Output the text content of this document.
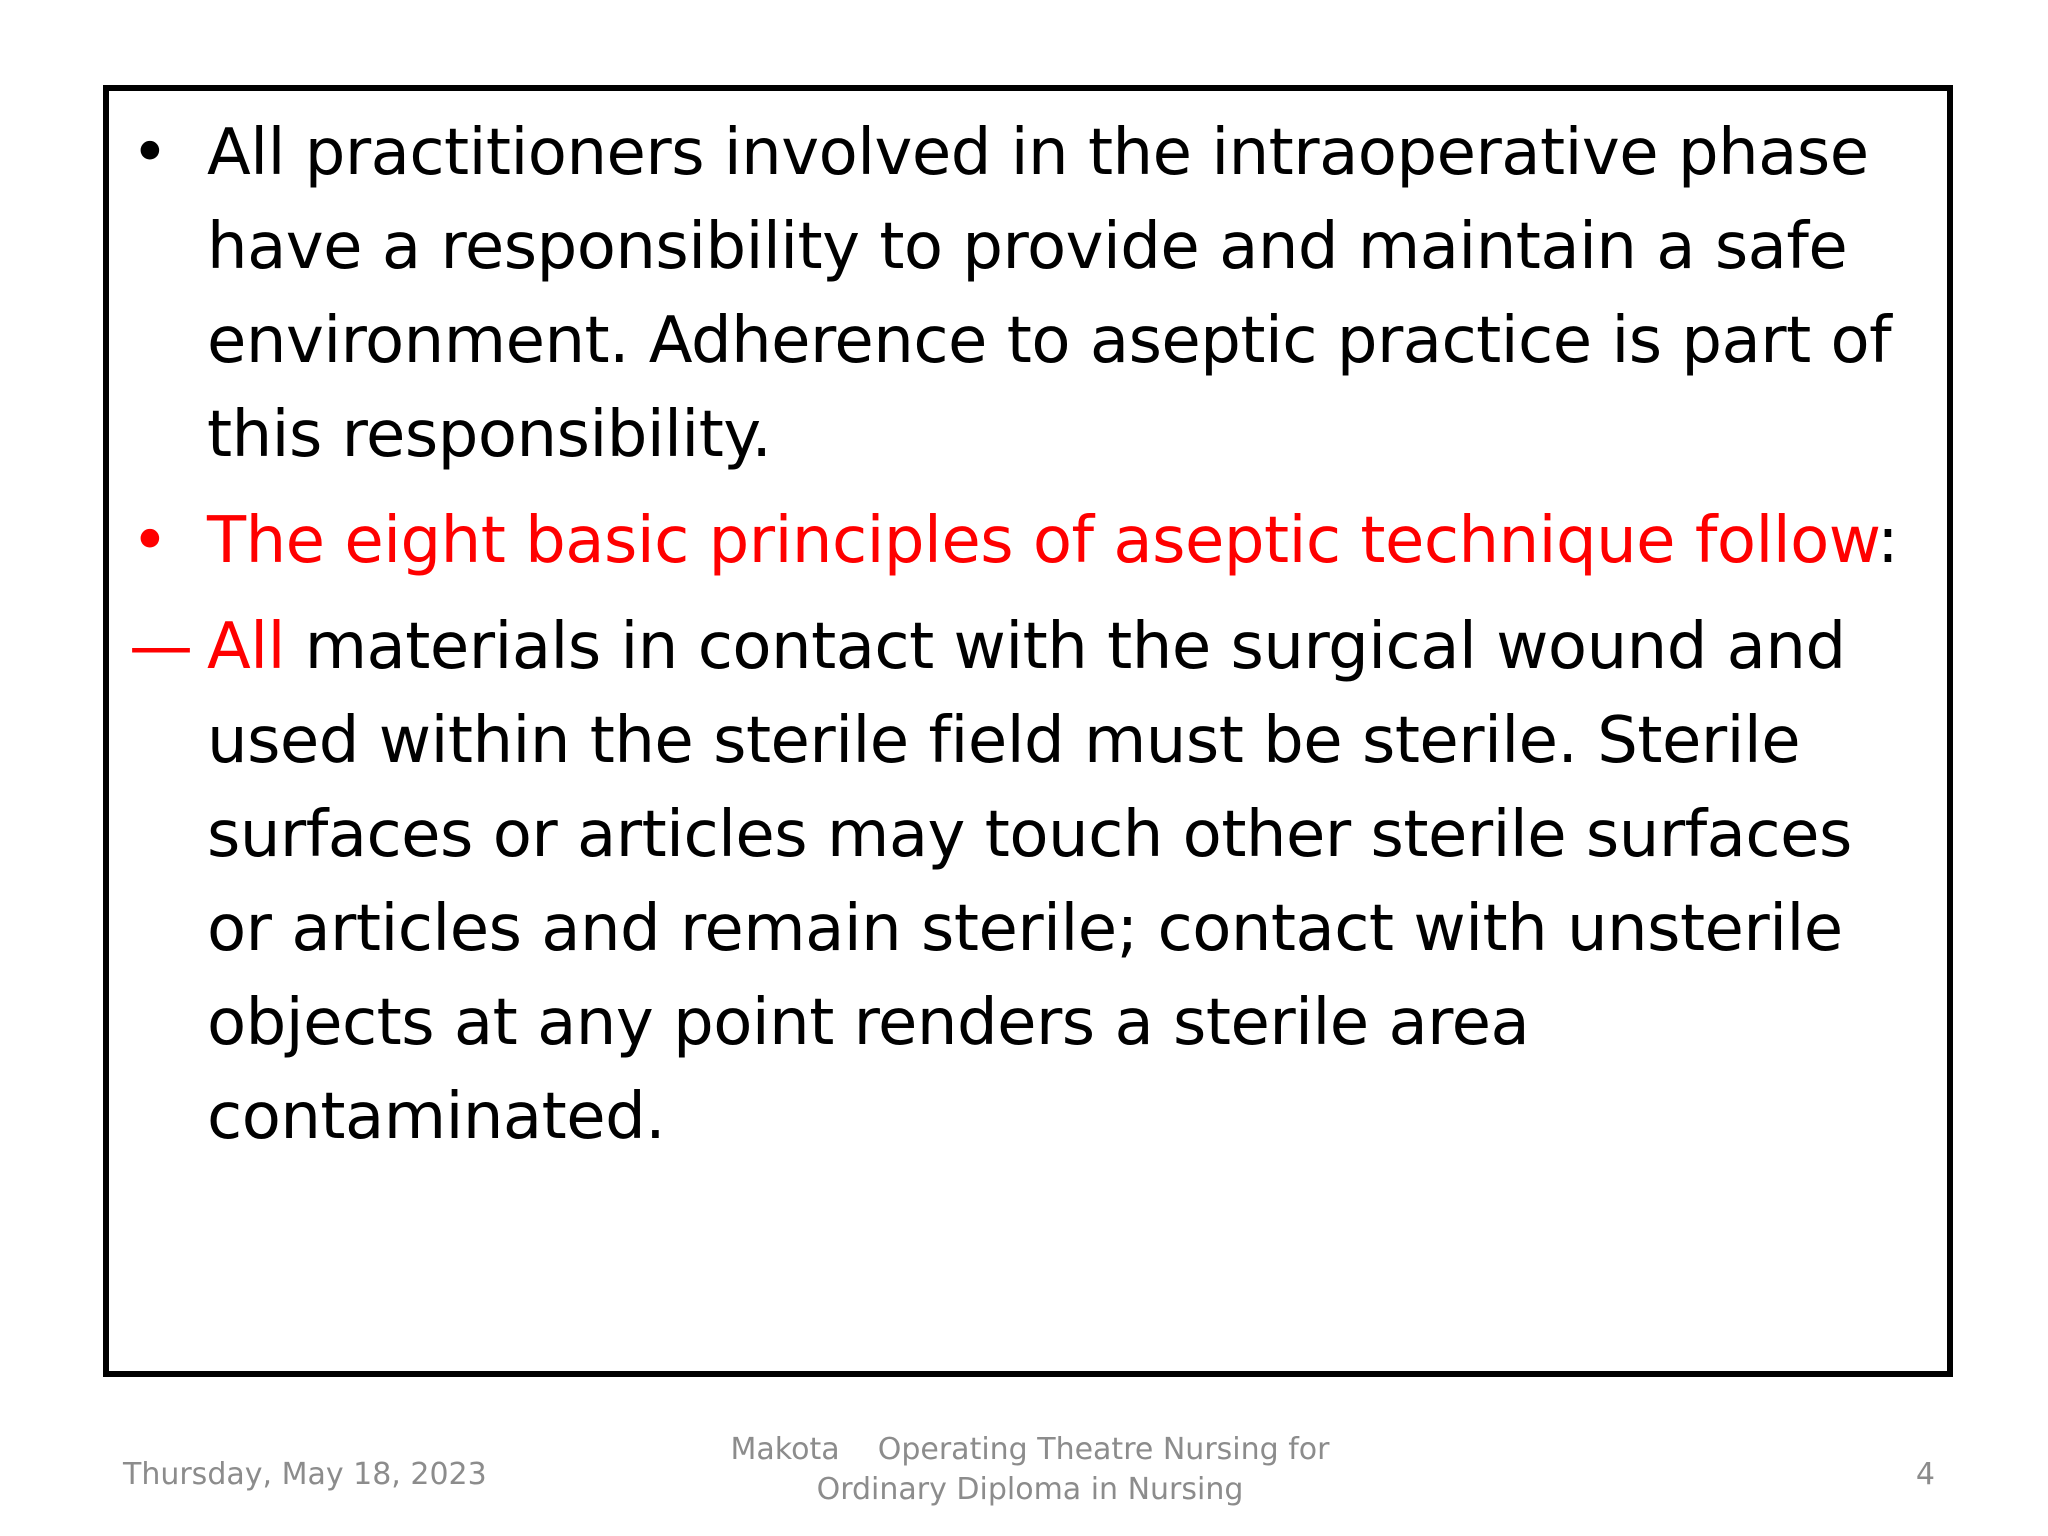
• All practitioners involved in the intraoperative phase have a responsibility to provide and maintain a safe environment. Adherence to aseptic practice is part of this responsibility.
• The eight basic principles of aseptic technique follow:
— All materials in contact with the surgical wound and used within the sterile field must be sterile. Sterile surfaces or articles may touch other sterile surfaces or articles and remain sterile; contact with unsterile objects at any point renders a sterile area contaminated.
Thursday, May 18, 2023
Makota    Operating Theatre Nursing for
Ordinary Diploma in Nursing	4
